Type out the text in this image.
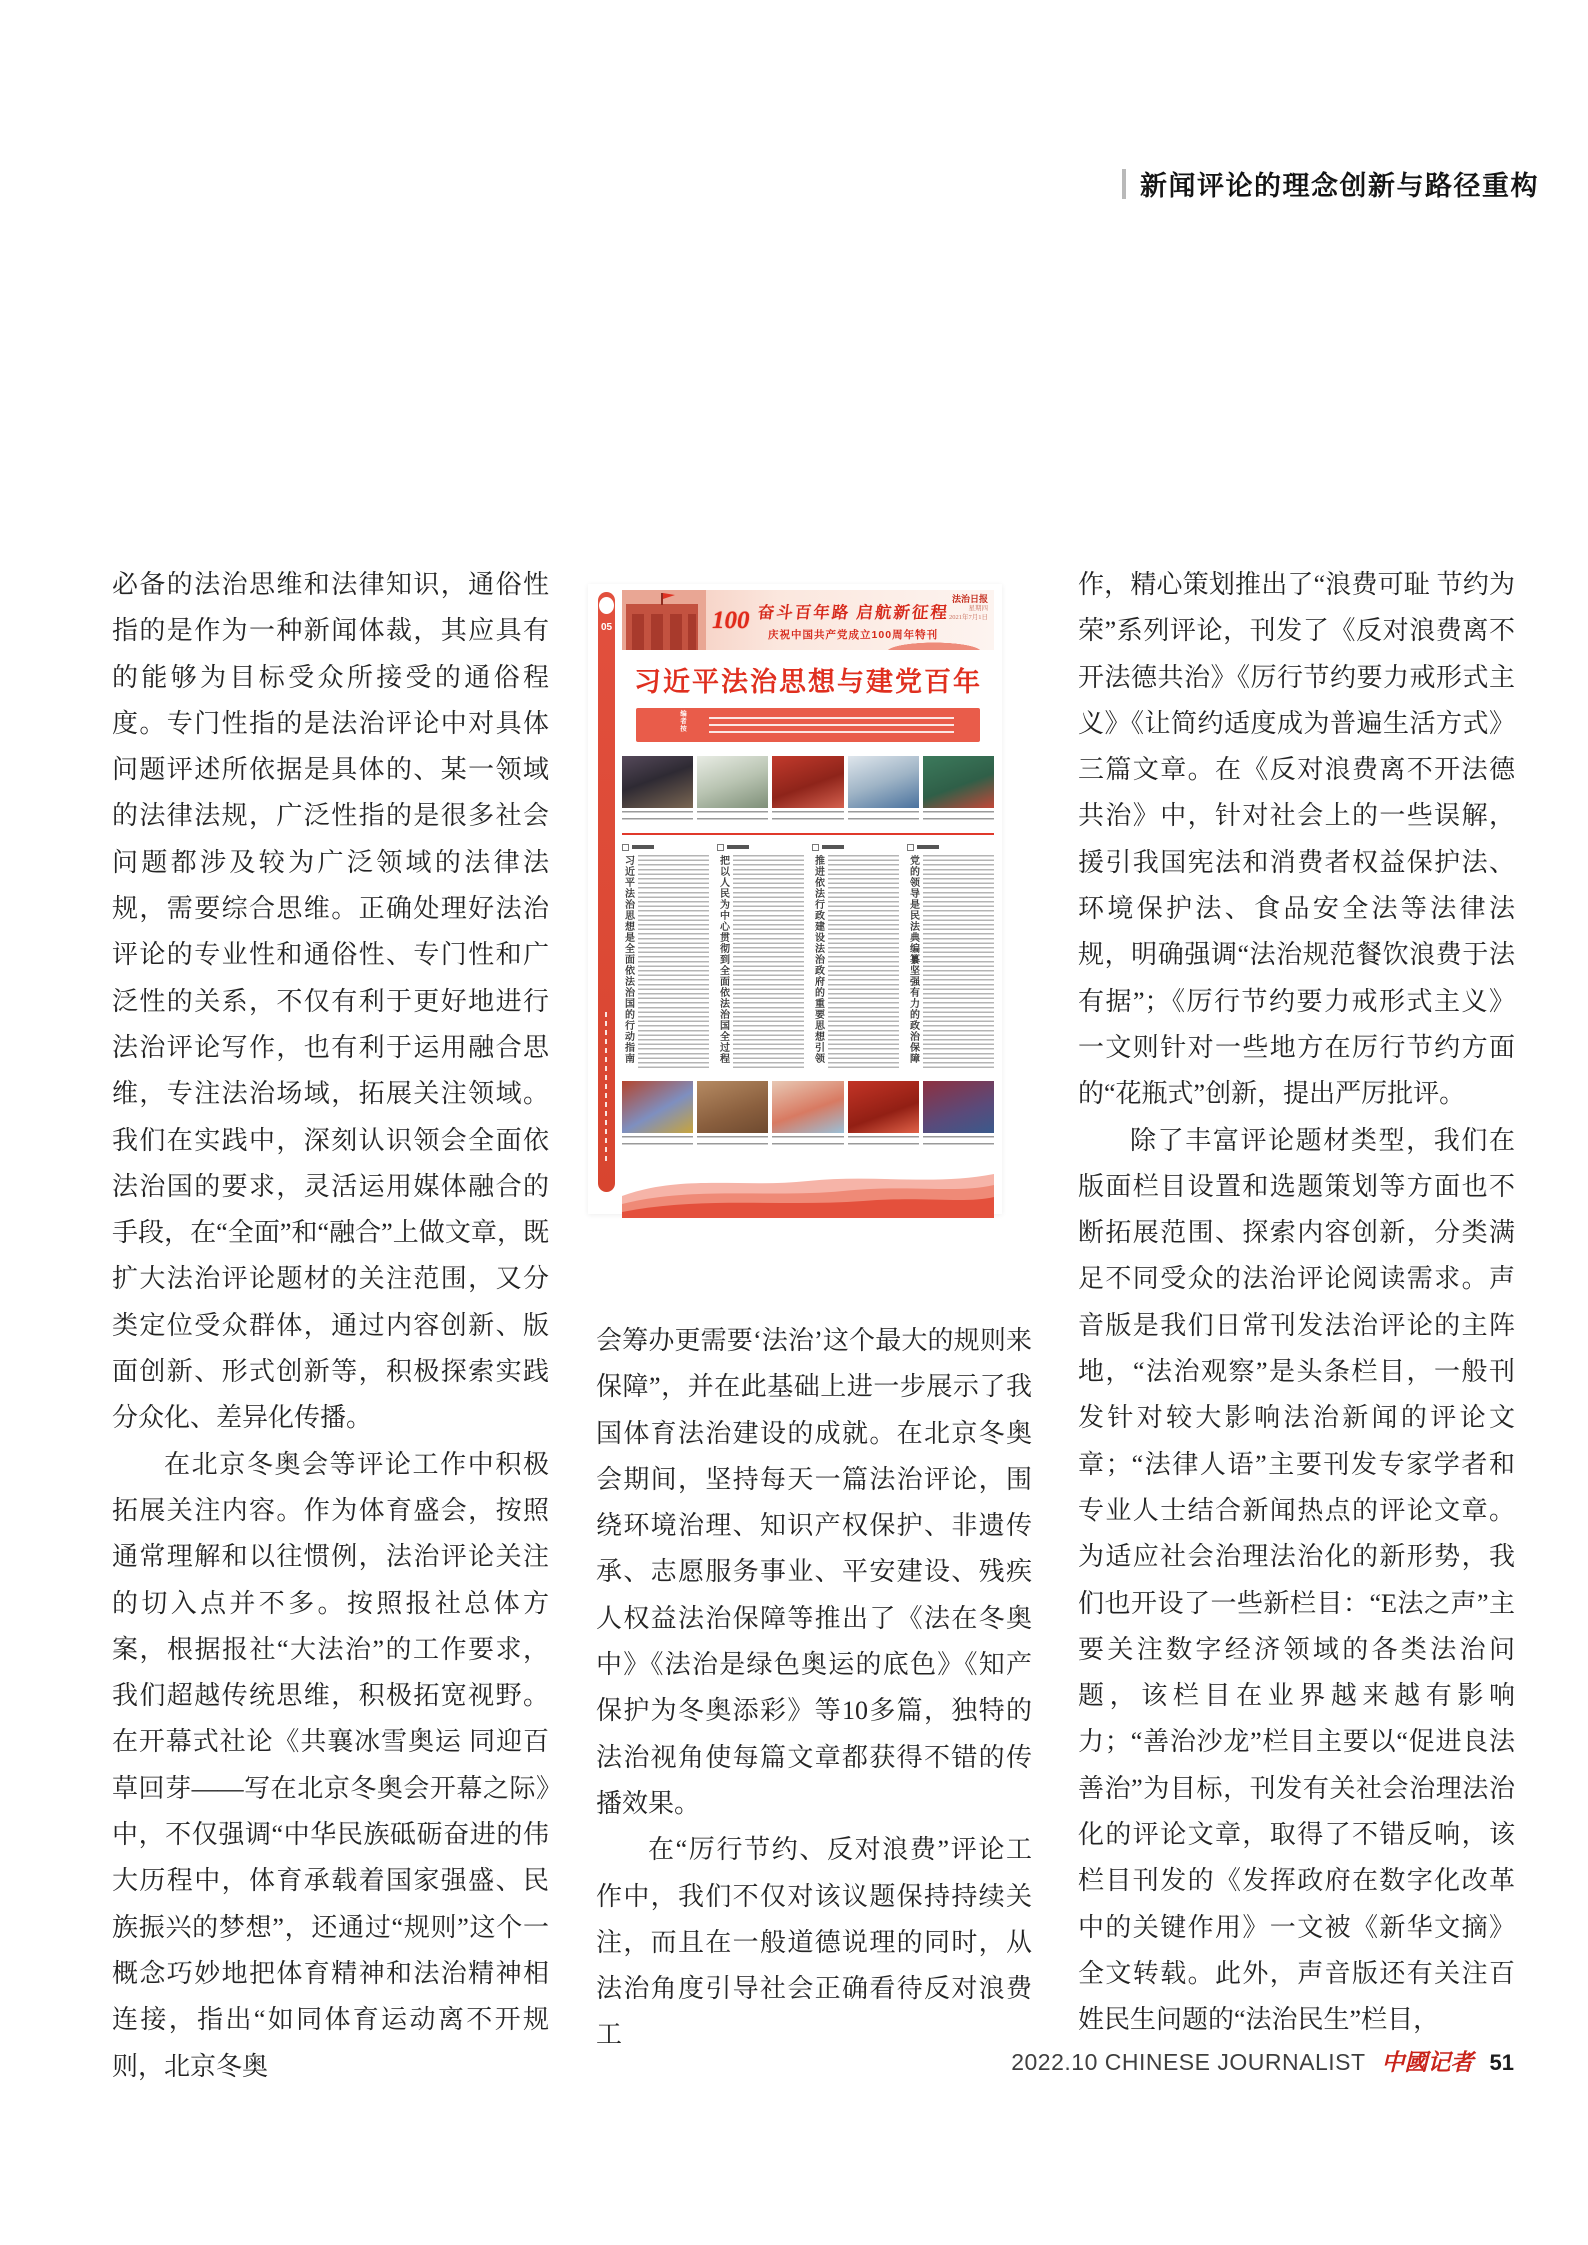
新闻评论的理念创新与路径重构

必备的法治思维和法律知识，通俗性指的是作为一种新闻体裁，其应具有的能够为目标受众所接受的通俗程度。专门性指的是法治评论中对具体问题评述所依据是具体的、某一领域的法律法规，广泛性指的是很多社会问题都涉及较为广泛领域的法律法规，需要综合思维。正确处理好法治评论的专业性和通俗性、专门性和广泛性的关系，不仅有利于更好地进行法治评论写作，也有利于运用融合思维，专注法治场域，拓展关注领域。我们在实践中，深刻认识领会全面依法治国的要求，灵活运用媒体融合的手段，在“全面”和“融合”上做文章，既扩大法治评论题材的关注范围，又分类定位受众群体，通过内容创新、版面创新、形式创新等，积极探索实践分众化、差异化传播。

在北京冬奥会等评论工作中积极拓展关注内容。作为体育盛会，按照通常理解和以往惯例，法治评论关注的切入点并不多。按照报社总体方案，根据报社“大法治”的工作要求，我们超越传统思维，积极拓宽视野。在开幕式社论《共襄冰雪奥运 同迎百草回芽——写在北京冬奥会开幕之际》中，不仅强调“中华民族砥砺奋进的伟大历程中，体育承载着国家强盛、民族振兴的梦想”，还通过“规则”这个一概念巧妙地把体育精神和法治精神相连接，指出“如同体育运动离不开规则，北京冬奥

会筹办更需要‘法治’这个最大的规则来保障”，并在此基础上进一步展示了我国体育法治建设的成就。在北京冬奥会期间，坚持每天一篇法治评论，围绕环境治理、知识产权保护、非遗传承、志愿服务事业、平安建设、残疾人权益法治保障等推出了《法在冬奥中》《法治是绿色奥运的底色》《知产保护为冬奥添彩》等10多篇，独特的法治视角使每篇文章都获得不错的传播效果。

在“厉行节约、反对浪费”评论工作中，我们不仅对该议题保持持续关注，而且在一般道德说理的同时，从法治角度引导社会正确看待反对浪费工

作，精心策划推出了“浪费可耻 节约为荣”系列评论，刊发了《反对浪费离不开法德共治》《厉行节约要力戒形式主义》《让简约适度成为普遍生活方式》三篇文章。在《反对浪费离不开法德共治》中，针对社会上的一些误解，援引我国宪法和消费者权益保护法、环境保护法、食品安全法等法律法规，明确强调“法治规范餐饮浪费于法有据”；《厉行节约要力戒形式主义》一文则针对一些地方在厉行节约方面的“花瓶式”创新，提出严厉批评。

除了丰富评论题材类型，我们在版面栏目设置和选题策划等方面也不断拓展范围、探索内容创新，分类满足不同受众的法治评论阅读需求。声音版是我们日常刊发法治评论的主阵地，“法治观察”是头条栏目，一般刊发针对较大影响法治新闻的评论文章；“法律人语”主要刊发专家学者和专业人士结合新闻热点的评论文章。为适应社会治理法治化的新形势，我们也开设了一些新栏目：“E法之声”主要关注数字经济领域的各类法治问题，该栏目在业界越来越有影响力；“善治沙龙”栏目主要以“促进良法善治”为目标，刊发有关社会治理法治化的评论文章，取得了不错反响，该栏目刊发的《发挥政府在数字化改革中的关键作用》一文被《新华文摘》全文转载。此外，声音版还有关注百姓民生问题的“法治民生”栏目，

05	100 奋斗百年路 启航新征程
庆祝中国共产党成立100周年特刊
法治日报
星期四
2021年7月1日
习近平法治思想与建党百年
编者按
习近平法治思想是全面依法治国的行动指南	把以人民为中心贯彻到全面依法治国全过程	推进依法行政建设法治政府的重要思想引领	党的领导是民法典编纂坚强有力的政治保障
2022.10 CHINESE JOURNALIST 中國记者 51
